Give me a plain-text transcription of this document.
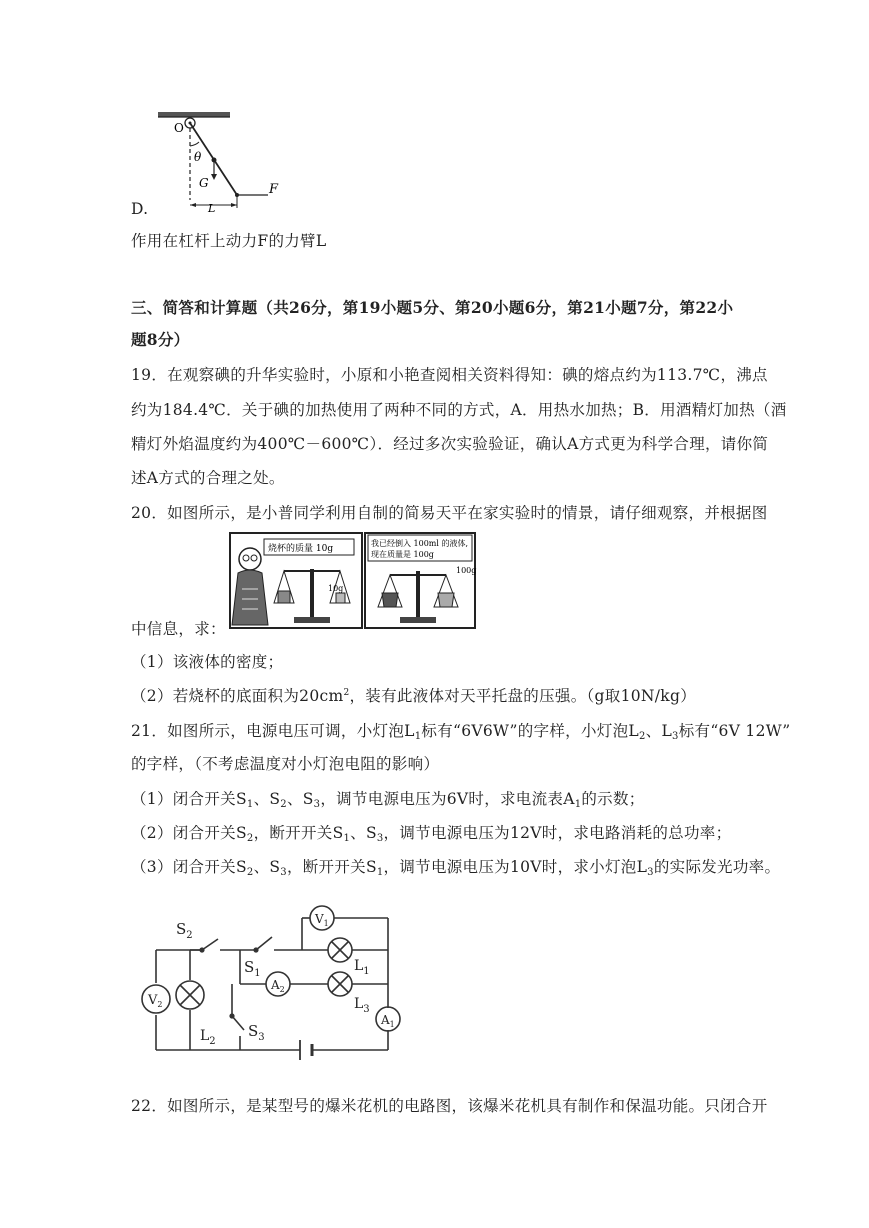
O
θ
G	F
L
D.
作用在杠杆上动力F的力臂L
三、简答和计算题（共26分，第19小题5分、第20小题6分，第21小题7分，第22小
题8分）
19．在观察碘的升华实验时，小原和小艳查阅相关资料得知：碘的熔点约为113.7℃，沸点
约为184.4℃．关于碘的加热使用了两种不同的方式，A．用热水加热；B．用酒精灯加热（酒
精灯外焰温度约为400℃－600℃）．经过多次实验验证，确认A方式更为科学合理，请你简
述A方式的合理之处。
20．如图所示，是小普同学利用自制的简易天平在家实验时的情景，请仔细观察，并根据图
烧杯的质量 10g
10g
我已经倒入 100ml 的液体,
现在质量是 100g
100g
中信息，求：
（1）该液体的密度；
（2）若烧杯的底面积为$20cm^2$，装有此液体对天平托盘的压强。（g取10N/kg）
21．如图所示，电源电压可调，小灯泡$L_1$标有“6V6W”的字样，小灯泡$L_2$、$L_3$标有“6V 12W”
的字样，（不考虑温度对小灯泡电阻的影响）
（1）闭合开关$S_1$、$S_2$、$S_3$，调节电源电压为6V时，求电流表$A_1$的示数；
（2）闭合开关$S_2$，断开开关$S_1$、$S_3$，调节电源电压为12V时，求电路消耗的总功率；
（3）闭合开关$S_2$、$S_3$，断开开关$S_1$，调节电源电压为10V时，求小灯泡$L_3$的实际发光功率。
$S_2$
$S_1$
$S_3$
$V_2$
$V_1$
$A_2$
$A_1$
$L_1$
$L_3$
$L_2$
22．如图所示，是某型号的爆米花机的电路图，该爆米花机具有制作和保温功能。只闭合开
